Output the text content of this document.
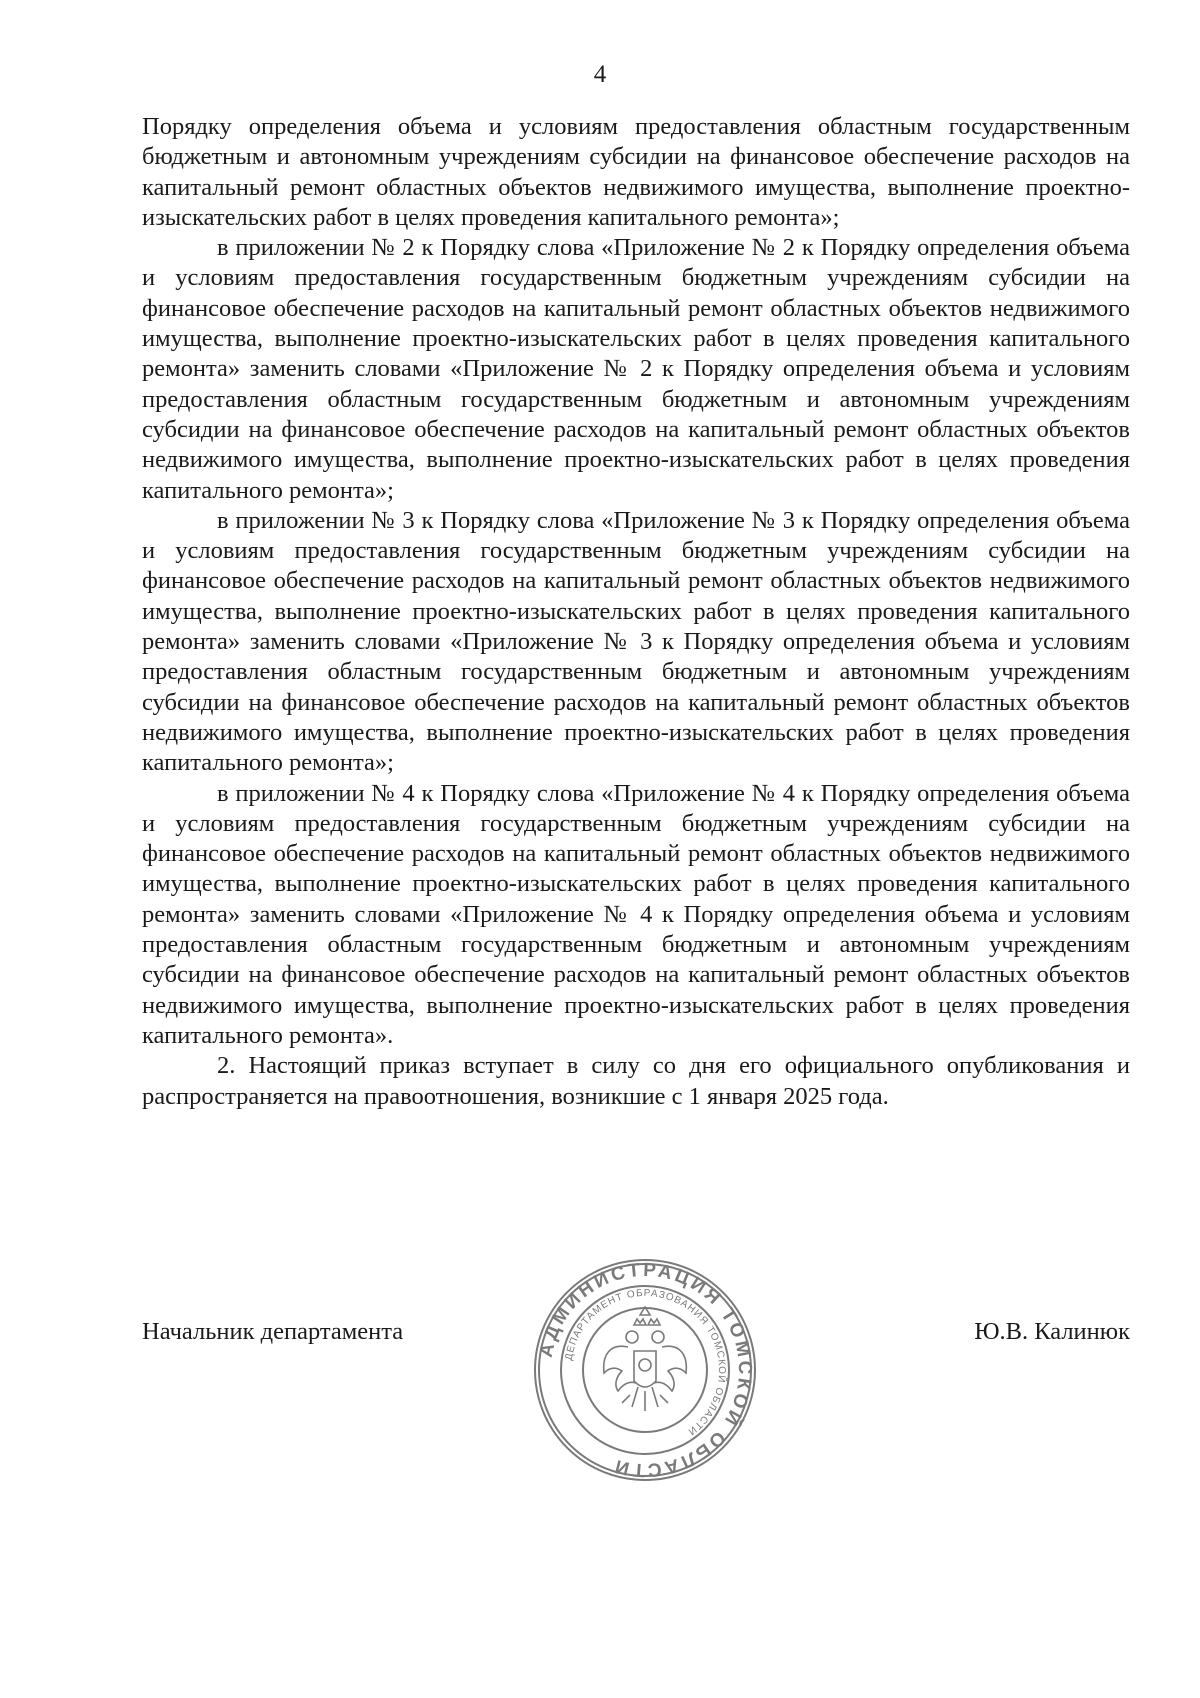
4

Порядку определения объема и условиям предоставления областным государственным бюджетным и автономным учреждениям субсидии на финансовое обеспечение расходов на капитальный ремонт областных объектов недвижимого имущества, выполнение проектно-изыскательских работ в целях проведения капитального ремонта»;

в приложении № 2 к Порядку слова «Приложение № 2 к Порядку определения объема и условиям предоставления государственным бюджетным учреждениям субсидии на финансовое обеспечение расходов на капитальный ремонт областных объектов недвижимого имущества, выполнение проектно-изыскательских работ в целях проведения капитального ремонта» заменить словами «Приложение № 2 к Порядку определения объема и условиям предоставления областным государственным бюджетным и автономным учреждениям субсидии на финансовое обеспечение расходов на капитальный ремонт областных объектов недвижимого имущества, выполнение проектно-изыскательских работ в целях проведения капитального ремонта»;

в приложении № 3 к Порядку слова «Приложение № 3 к Порядку определения объема и условиям предоставления государственным бюджетным учреждениям субсидии на финансовое обеспечение расходов на капитальный ремонт областных объектов недвижимого имущества, выполнение проектно-изыскательских работ в целях проведения капитального ремонта» заменить словами «Приложение № 3 к Порядку определения объема и условиям предоставления областным государственным бюджетным и автономным учреждениям субсидии на финансовое обеспечение расходов на капитальный ремонт областных объектов недвижимого имущества, выполнение проектно-изыскательских работ в целях проведения капитального ремонта»;

в приложении № 4 к Порядку слова «Приложение № 4 к Порядку определения объема и условиям предоставления государственным бюджетным учреждениям субсидии на финансовое обеспечение расходов на капитальный ремонт областных объектов недвижимого имущества, выполнение проектно-изыскательских работ в целях проведения капитального ремонта» заменить словами «Приложение № 4 к Порядку определения объема и условиям предоставления областным государственным бюджетным и автономным учреждениям субсидии на финансовое обеспечение расходов на капитальный ремонт областных объектов недвижимого имущества, выполнение проектно-изыскательских работ в целях проведения капитального ремонта».

2. Настоящий приказ вступает в силу со дня его официального опубликования и распространяется на правоотношения, возникшие с 1 января 2025 года.

Начальник департамента	Ю.В. Калинюк
АДМИНИСТРАЦИЯ ТОМСКОЙ ОБЛАСТИ
ДЕПАРТАМЕНТ ОБРАЗОВАНИЯ ТОМСКОЙ ОБЛАСТИ
